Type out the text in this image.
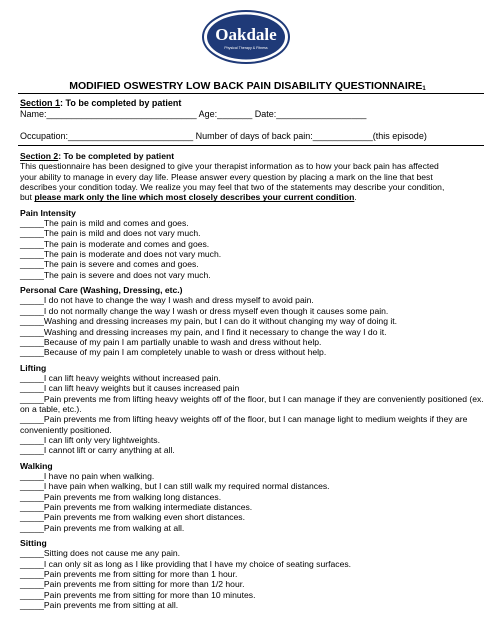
Oakdale
Physical Therapy & Fitness
MODIFIED OSWESTRY LOW BACK PAIN DISABILITY QUESTIONNAIRE$^1$
Section 1: To be completed by patient
Name:______________________________ Age:_______ Date:__________________
Occupation:_________________________ Number of days of back pain:____________(this episode)
Section 2: To be completed by patient
This questionnaire has been designed to give your therapist information as to how your back pain has affected
your ability to manage in every day life. Please answer every question by placing a mark on the line that best
describes your condition today. We realize you may feel that two of the statements may describe your condition,
but please mark only the line which most closely describes your current condition.
Pain Intensity
_____The pain is mild and comes and goes.
_____The pain is mild and does not vary much.
_____The pain is moderate and comes and goes.
_____The pain is moderate and does not vary much.
_____The pain is severe and comes and goes.
_____The pain is severe and does not vary much.
Personal Care (Washing, Dressing, etc.)
_____I do not have to change the way I wash and dress myself to avoid pain.
_____I do not normally change the way I wash or dress myself even though it causes some pain.
_____Washing and dressing increases my pain, but I can do it without changing my way of doing it.
_____Washing and dressing increases my pain, and I find it necessary to change the way I do it.
_____Because of my pain I am partially unable to wash and dress without help.
_____Because of my pain I am completely unable to wash or dress without help.
Lifting
_____I can lift heavy weights without increased pain.
_____I can lift heavy weights but it causes increased pain
_____Pain prevents me from lifting heavy weights off of the floor, but I can manage if they are conveniently positioned (ex. on a table, etc.).
_____Pain prevents me from lifting heavy weights off of the floor, but I can manage light to medium weights if they are conveniently positioned.
_____I can lift only very lightweights.
_____I cannot lift or carry anything at all.
Walking
_____I have no pain when walking.
_____I have pain when walking, but I can still walk my required normal distances.
_____Pain prevents me from walking long distances.
_____Pain prevents me from walking intermediate distances.
_____Pain prevents me from walking even short distances.
_____Pain prevents me from walking at all.
Sitting
_____Sitting does not cause me any pain.
_____I can only sit as long as I like providing that I have my choice of seating surfaces.
_____Pain prevents me from sitting for more than 1 hour.
_____Pain prevents me from sitting for more than 1/2 hour.
_____Pain prevents me from sitting for more than 10 minutes.
_____Pain prevents me from sitting at all.
